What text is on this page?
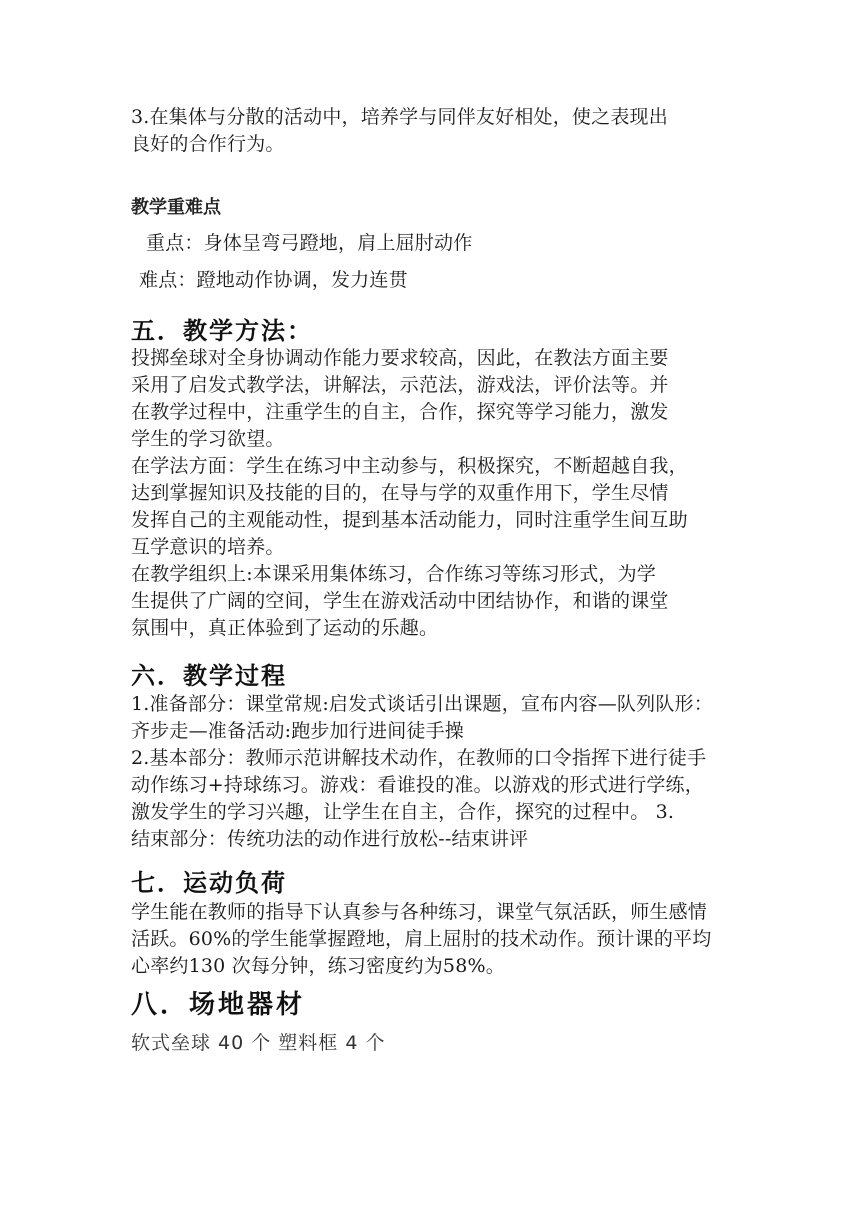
3.在集体与分散的活动中，培养学与同伴友好相处，使之表现出
良好的合作行为。
教学重难点
重点：身体呈弯弓蹬地，肩上屈肘动作
难点：蹬地动作协调，发力连贯
五．教学方法：
投掷垒球对全身协调动作能力要求较高，因此，在教法方面主要
采用了启发式教学法，讲解法，示范法，游戏法，评价法等。并
在教学过程中，注重学生的自主，合作，探究等学习能力，激发
学生的学习欲望。
在学法方面：学生在练习中主动参与，积极探究，不断超越自我，
达到掌握知识及技能的目的，在导与学的双重作用下，学生尽情
发挥自己的主观能动性，提到基本活动能力，同时注重学生间互助
互学意识的培养。
在教学组织上:本课采用集体练习，合作练习等练习形式，为学
生提供了广阔的空间，学生在游戏活动中团结协作，和谐的课堂
氛围中，真正体验到了运动的乐趣。
六．教学过程
1.准备部分：课堂常规:启发式谈话引出课题，宣布内容—队列队形：
齐步走—准备活动:跑步加行进间徒手操
2.基本部分：教师示范讲解技术动作，在教师的口令指挥下进行徒手
动作练习+持球练习。游戏：看谁投的准。以游戏的形式进行学练，
激发学生的学习兴趣，让学生在自主，合作，探究的过程中。 3.
结束部分：传统功法的动作进行放松--结束讲评
七．运动负荷
学生能在教师的指导下认真参与各种练习，课堂气氛活跃，师生感情
活跃。60%的学生能掌握蹬地，肩上屈肘的技术动作。预计课的平均
心率约130 次每分钟，练习密度约为58%。
八．场地器材
软式垒球 40 个 塑料框 4 个
